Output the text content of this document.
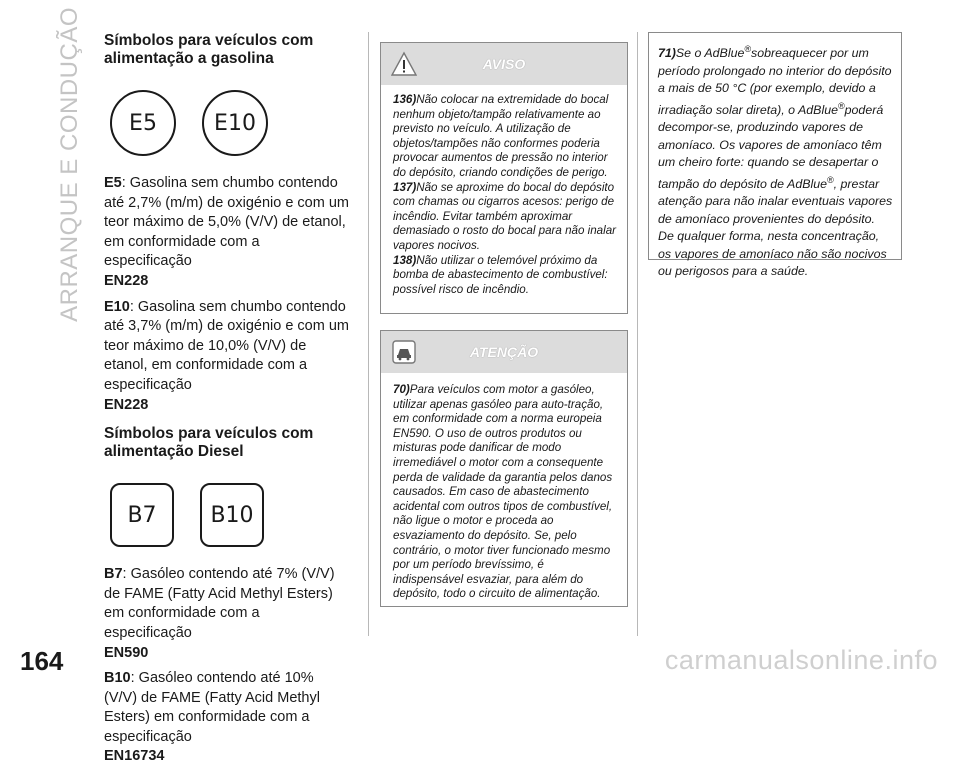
ARRANQUE E CONDUÇÃO Símbolos para veículos com alimentação a gasolina

E5	E10

E5: Gasolina sem chumbo contendo até 2,7% (m/m) de oxigénio e com um teor máximo de 5,0% (V/V) de etanol, em conformidade com a especificação
EN228

E10: Gasolina sem chumbo contendo até 3,7% (m/m) de oxigénio e com um teor máximo de 10,0% (V/V) de etanol, em conformidade com a especificação
EN228

Símbolos para veículos com alimentação Diesel

B7	B10

B7: Gasóleo contendo até 7% (V/V) de FAME (Fatty Acid Methyl Esters) em conformidade com a especificação
EN590

B10: Gasóleo contendo até 10% (V/V) de FAME (Fatty Acid Methyl Esters) em conformidade com a especificação
EN16734

AVISO

136)Não colocar na extremidade do bocal nenhum objeto/tampão relativamente ao previsto no veículo. A utilização de objetos/tampões não conformes poderia provocar aumentos de pressão no interior do depósito, criando condições de perigo.

137)Não se aproxime do bocal do depósito com chamas ou cigarros acesos: perigo de incêndio. Evitar também aproximar demasiado o rosto do bocal para não inalar vapores nocivos.

138)Não utilizar o telemóvel próximo da bomba de abastecimento de combustível: possível risco de incêndio.

ATENÇÃO

70)Para veículos com motor a gasóleo, utilizar apenas gasóleo para auto-tração, em conformidade com a norma europeia EN590. O uso de outros produtos ou misturas pode danificar de modo irremediável o motor com a consequente perda de validade da garantia pelos danos causados. Em caso de abastecimento acidental com outros tipos de combustível, não ligue o motor e proceda ao esvaziamento do depósito. Se, pelo contrário, o motor tiver funcionado mesmo por um período brevíssimo, é indispensável esvaziar, para além do depósito, todo o circuito de alimentação.

71)Se o AdBlue®sobreaquecer por um período prolongado no interior do depósito a mais de 50 °C (por exemplo, devido a irradiação solar direta), o AdBlue®poderá decompor-se, produzindo vapores de amoníaco. Os vapores de amoníaco têm um cheiro forte: quando se desapertar o tampão do depósito de AdBlue®, prestar atenção para não inalar eventuais vapores de amoníaco provenientes do depósito. De qualquer forma, nesta concentração, os vapores de amoníaco não são nocivos ou perigosos para a saúde.

164	carmanualsonline.info
